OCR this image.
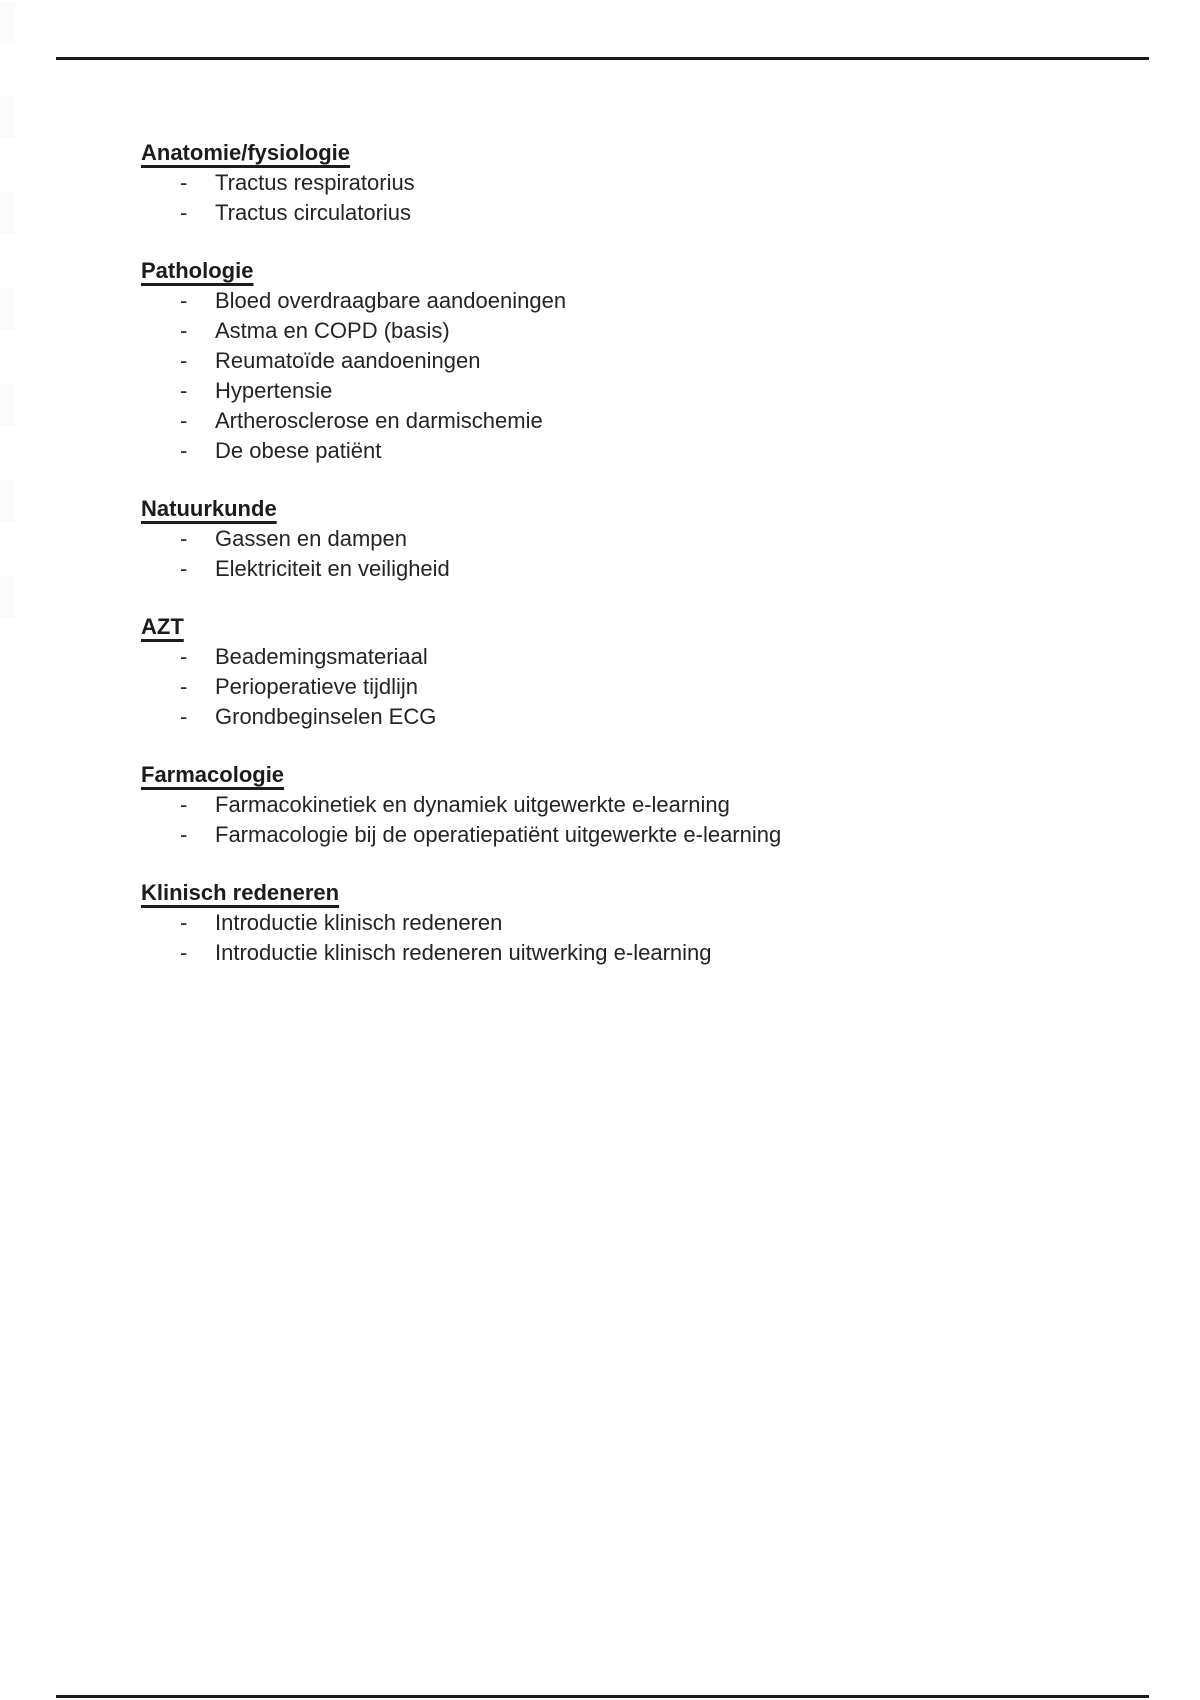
Anatomie/fysiologie
- Tractus respiratorius
- Tractus circulatorius
Pathologie
- Bloed overdraagbare aandoeningen
- Astma en COPD (basis)
- Reumatoïde aandoeningen
- Hypertensie
- Artherosclerose en darmischemie
- De obese patiënt
Natuurkunde
- Gassen en dampen
- Elektriciteit en veiligheid
AZT
- Beademingsmateriaal
- Perioperatieve tijdlijn
- Grondbeginselen ECG
Farmacologie
- Farmacokinetiek en dynamiek uitgewerkte e-learning
- Farmacologie bij de operatiepatiënt uitgewerkte e-learning
Klinisch redeneren
- Introductie klinisch redeneren
- Introductie klinisch redeneren uitwerking e-learning
